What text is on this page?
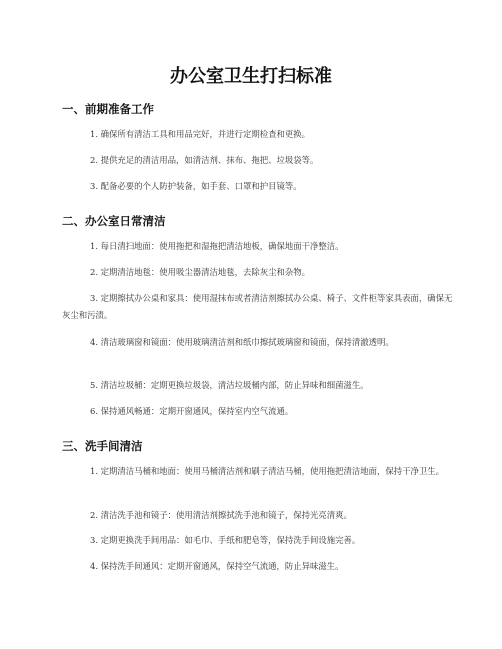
办公室卫生打扫标准
一、前期准备工作
1. 确保所有清洁工具和用品完好，并进行定期检查和更换。
2. 提供充足的清洁用品，如清洁剂、抹布、拖把、垃圾袋等。
3. 配备必要的个人防护装备，如手套、口罩和护目镜等。
二、办公室日常清洁
1. 每日清扫地面：使用拖把和湿拖把清洁地板，确保地面干净整洁。
2. 定期清洁地毯：使用吸尘器清洁地毯，去除灰尘和杂物。
3. 定期擦拭办公桌和家具：使用湿抹布或者清洁剂擦拭办公桌、椅子、文件柜等家具表面，确保无灰尘和污渍。
4. 清洁玻璃窗和镜面：使用玻璃清洁剂和纸巾擦拭玻璃窗和镜面，保持清澈透明。
5. 清洁垃圾桶：定期更换垃圾袋，清洁垃圾桶内部，防止异味和细菌滋生。
6. 保持通风畅通：定期开窗通风，保持室内空气流通。
三、洗手间清洁
1. 定期清洁马桶和地面：使用马桶清洁剂和刷子清洁马桶，使用拖把清洁地面，保持干净卫生。
2. 清洁洗手池和镜子：使用清洁剂擦拭洗手池和镜子，保持光亮清爽。
3. 定期更换洗手间用品：如毛巾、手纸和肥皂等，保持洗手间设施完善。
4. 保持洗手间通风：定期开窗通风，保持空气流通，防止异味滋生。
